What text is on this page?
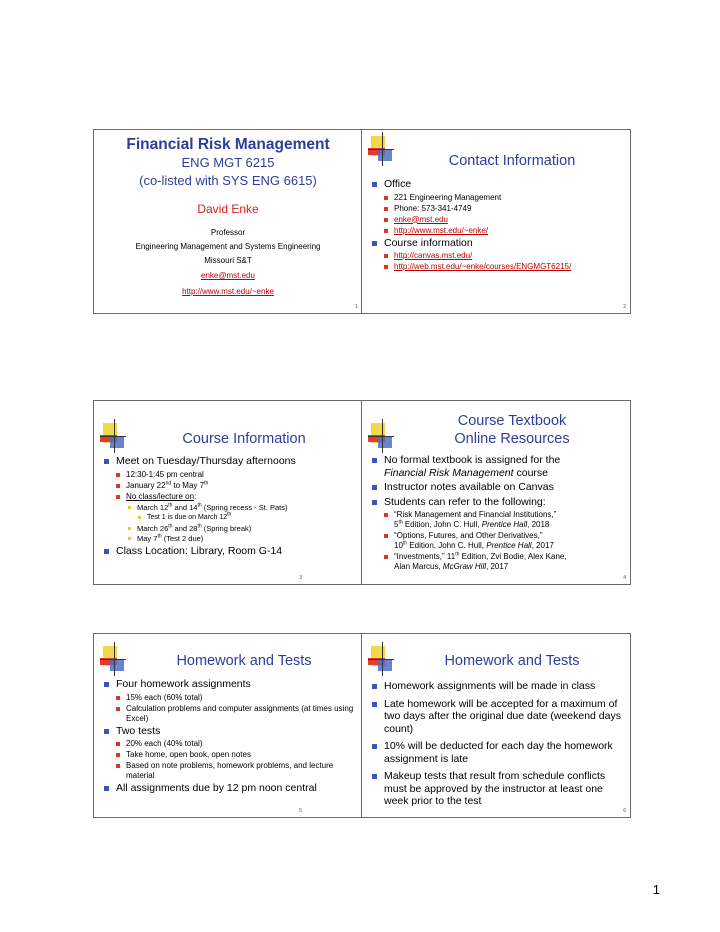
Financial Risk Management
ENG MGT 6215
(co-listed with SYS ENG 6615)
David Enke
Professor
Engineering Management and Systems Engineering
Missouri S&T
enke@mst.edu
http://www.mst.edu/~enke
1
Contact Information
Office
221 Engineering Management
Phone: 573-341-4749
enke@mst.edu
http://www.mst.edu/~enke/
Course information
http://canvas.mst.edu/
http://web.mst.edu/~enke/courses/ENGMGT6215/
2
Course Information
Meet on Tuesday/Thursday afternoons
12:30-1:45 pm central
January 22nd to May 7th
No class/lecture on:
March 12th and 14th (Spring recess - St. Pats)
Test 1 is due on March 12th
March 26th and 28th (Spring break)
May 7th (Test 2 due)
Class Location: Library, Room G-14
3
Course Textbook
Online Resources
No formal textbook is assigned for the
Financial Risk Management course
Instructor notes available on Canvas
Students can refer to the following:
“Risk Management and Financial Institutions,”
5th Edition, John C. Hull, Prentice Hall, 2018
“Options, Futures, and Other Derivatives,”
10th Edition, John C. Hull, Prentice Hall, 2017
“Investments,” 11th Edition, Zvi Bodie, Alex Kane,
Alan Marcus, McGraw Hill, 2017
4
Homework and Tests
Four homework assignments
15% each (60% total)
Calculation problems and computer assignments (at times using Excel)
Two tests
20% each (40% total)
Take home, open book, open notes
Based on note problems, homework problems, and lecture material
All assignments due by 12 pm noon central
5
Homework and Tests
Homework assignments will be made in class
Late homework will be accepted for a maximum of two days after the original due date (weekend days count)
10% will be deducted for each day the homework assignment is late
Makeup tests that result from schedule conflicts must be approved by the instructor at least one week prior to the test
6
1
